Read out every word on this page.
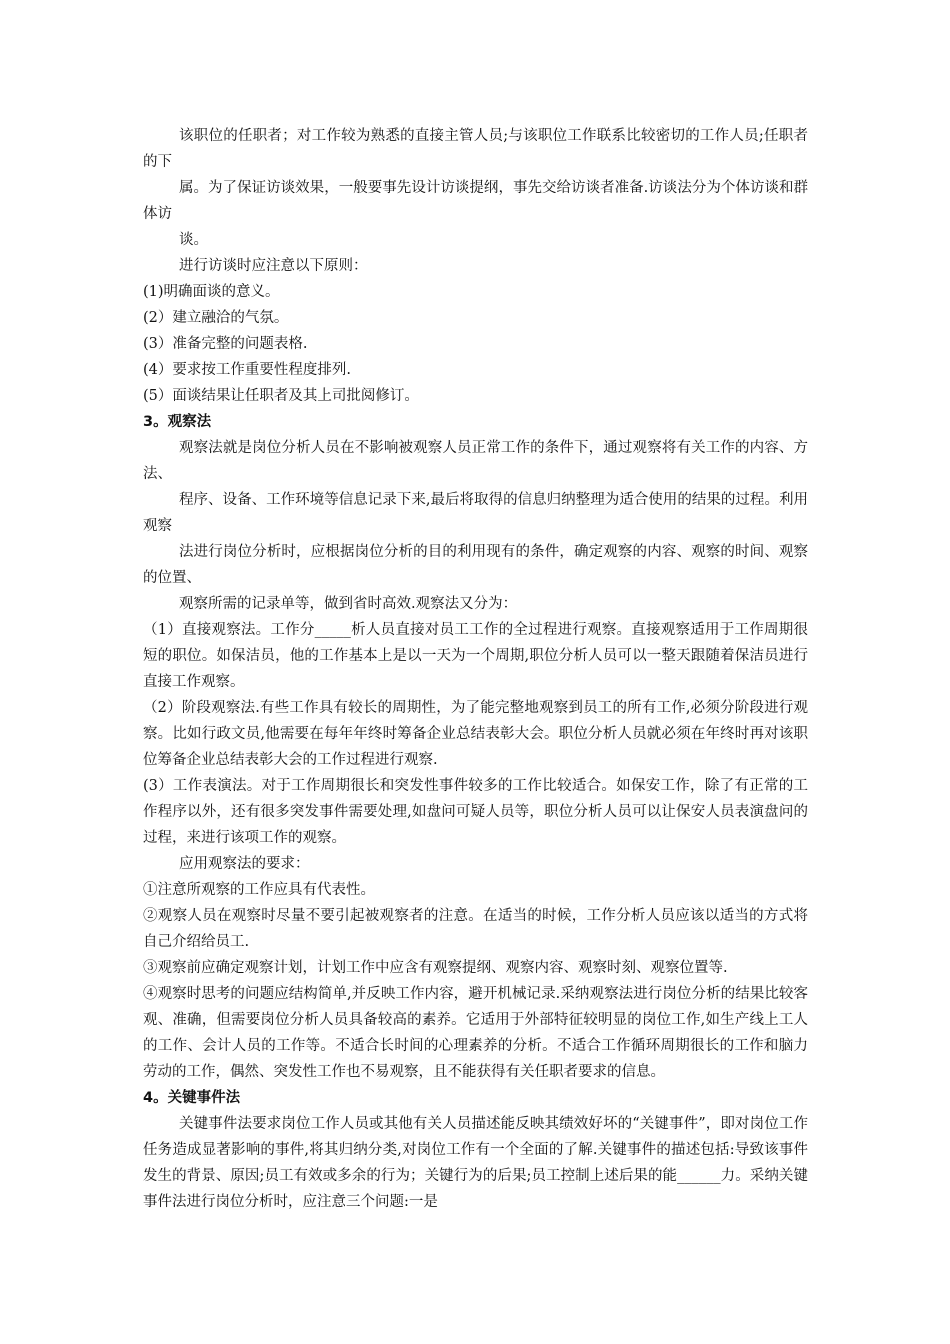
该职位的任职者；对工作较为熟悉的直接主管人员;与该职位工作联系比较密切的工作人员;任职者的下

属。为了保证访谈效果，一般要事先设计访谈提纲，事先交给访谈者准备.访谈法分为个体访谈和群体访

谈。

进行访谈时应注意以下原则：

(1)明确面谈的意义。

(2）建立融洽的气氛。

(3）准备完整的问题表格.

(4）要求按工作重要性程度排列.

(5）面谈结果让任职者及其上司批阅修订。

3。观察法

观察法就是岗位分析人员在不影响被观察人员正常工作的条件下，通过观察将有关工作的内容、方法、

程序、设备、工作环境等信息记录下来,最后将取得的信息归纳整理为适合使用的结果的过程。利用观察

法进行岗位分析时，应根据岗位分析的目的利用现有的条件，确定观察的内容、观察的时间、观察的位置、

观察所需的记录单等，做到省时高效.观察法又分为：

（1）直接观察法。工作分_____析人员直接对员工工作的全过程进行观察。直接观察适用于工作周期很短的职位。如保洁员，他的工作基本上是以一天为一个周期,职位分析人员可以一整天跟随着保洁员进行直接工作观察。

（2）阶段观察法.有些工作具有较长的周期性，为了能完整地观察到员工的所有工作,必须分阶段进行观察。比如行政文员,他需要在每年年终时筹备企业总结表彰大会。职位分析人员就必须在年终时再对该职位筹备企业总结表彰大会的工作过程进行观察.

(3）工作表演法。对于工作周期很长和突发性事件较多的工作比较适合。如保安工作，除了有正常的工作程序以外，还有很多突发事件需要处理,如盘问可疑人员等，职位分析人员可以让保安人员表演盘问的过程，来进行该项工作的观察。

应用观察法的要求：

①注意所观察的工作应具有代表性。

②观察人员在观察时尽量不要引起被观察者的注意。在适当的时候，工作分析人员应该以适当的方式将自己介绍给员工.

③观察前应确定观察计划，计划工作中应含有观察提纲、观察内容、观察时刻、观察位置等.

④观察时思考的问题应结构简单,并反映工作内容，避开机械记录.采纳观察法进行岗位分析的结果比较客观、准确，但需要岗位分析人员具备较高的素养。它适用于外部特征较明显的岗位工作,如生产线上工人的工作、会计人员的工作等。不适合长时间的心理素养的分析。不适合工作循环周期很长的工作和脑力劳动的工作，偶然、突发性工作也不易观察，且不能获得有关任职者要求的信息。

4。关键事件法

关键事件法要求岗位工作人员或其他有关人员描述能反映其绩效好坏的“关键事件”，即对岗位工作任务造成显著影响的事件,将其归纳分类,对岗位工作有一个全面的了解.关键事件的描述包括:导致该事件发生的背景、原因;员工有效或多余的行为；关键行为的后果;员工控制上述后果的能______力。采纳关键事件法进行岗位分析时，应注意三个问题:一是
